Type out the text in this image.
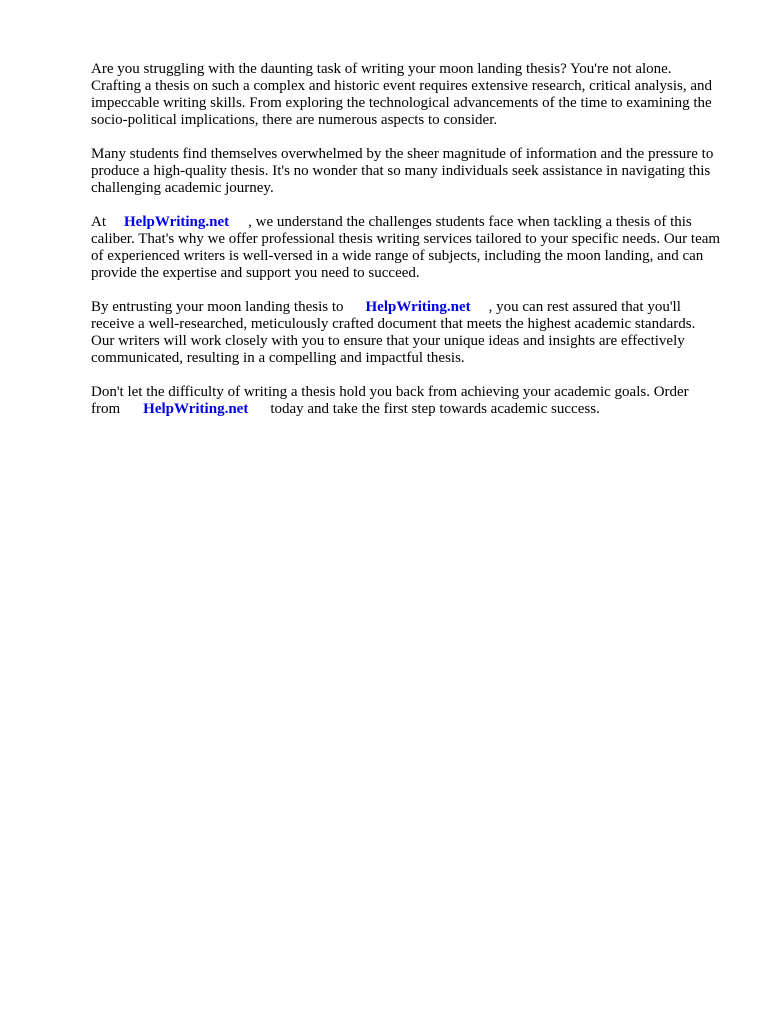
Are you struggling with the daunting task of writing your moon landing thesis? You're not alone. Crafting a thesis on such a complex and historic event requires extensive research, critical analysis, and impeccable writing skills. From exploring the technological advancements of the time to examining the socio-political implications, there are numerous aspects to consider.

Many students find themselves overwhelmed by the sheer magnitude of information and the pressure to produce a high-quality thesis. It's no wonder that so many individuals seek assistance in navigating this challenging academic journey.

At HelpWriting.net , we understand the challenges students face when tackling a thesis of this caliber. That's why we offer professional thesis writing services tailored to your specific needs. Our team of experienced writers is well-versed in a wide range of subjects, including the moon landing, and can provide the expertise and support you need to succeed.

By entrusting your moon landing thesis to HelpWriting.net , you can rest assured that you'll receive a well-researched, meticulously crafted document that meets the highest academic standards. Our writers will work closely with you to ensure that your unique ideas and insights are effectively communicated, resulting in a compelling and impactful thesis.

Don't let the difficulty of writing a thesis hold you back from achieving your academic goals. Order from HelpWriting.net today and take the first step towards academic success.
